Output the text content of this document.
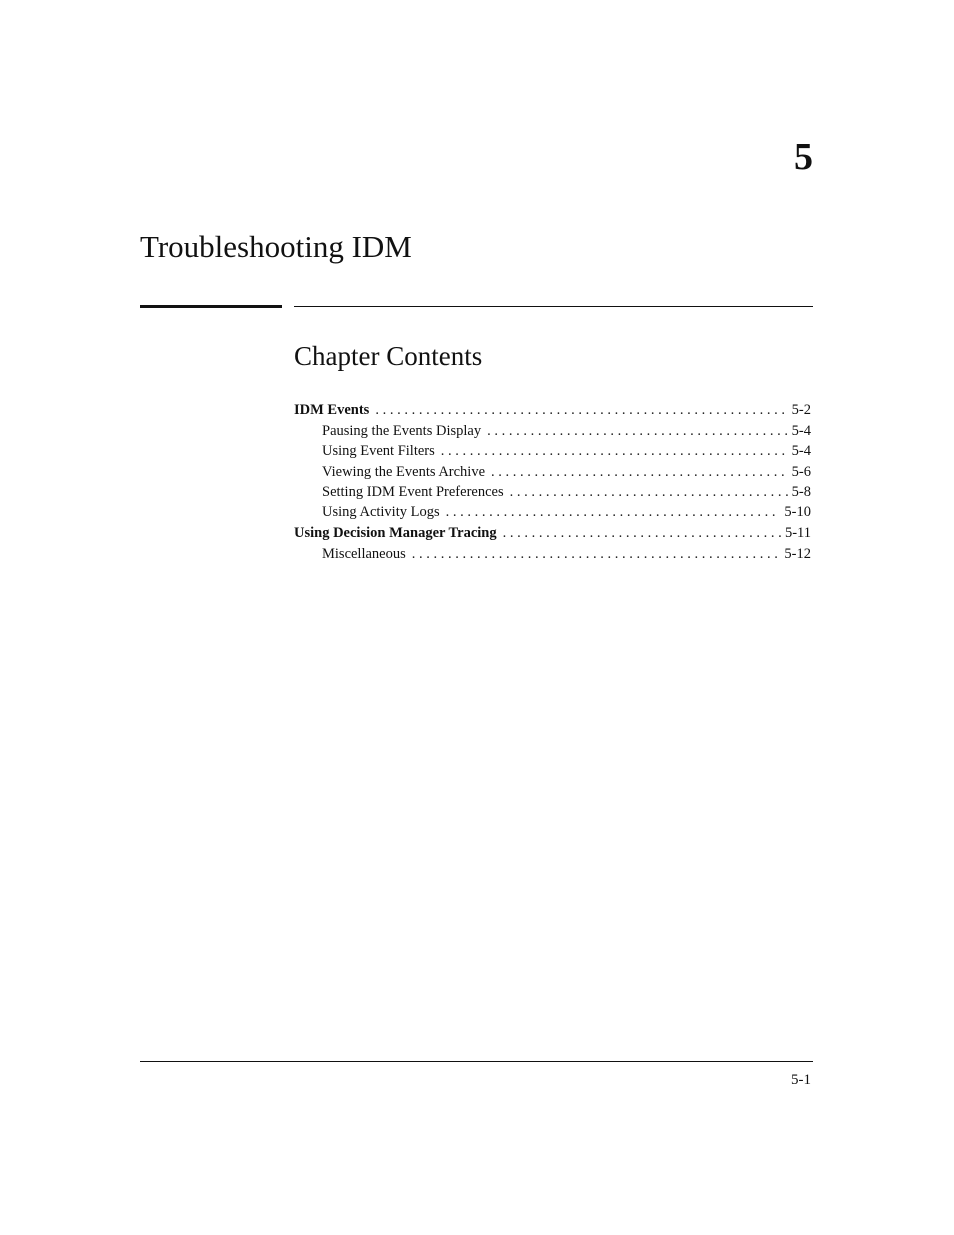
5
Troubleshooting IDM
Chapter Contents
IDM Events . . .	5-2
Pausing the Events Display . . .	5-4
Using Event Filters . . .	5-4
Viewing the Events Archive . . .	5-6
Setting IDM Event Preferences . . .	5-8
Using Activity Logs . . .	5-10
Using Decision Manager Tracing . . .	5-11
Miscellaneous . . .	5-12
5-1
